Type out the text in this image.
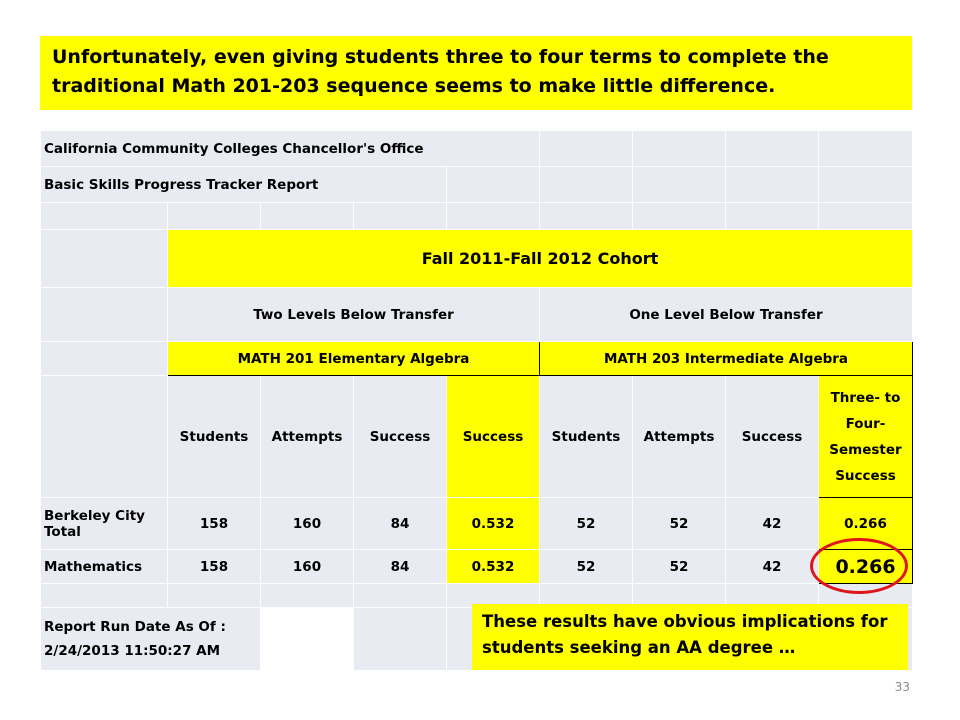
Unfortunately, even giving students three to four terms to complete the traditional Math 201-203 sequence seems to make little difference.
California Community Colleges Chancellor's Office								
Basic Skills Progress Tracker Report								

	Fall 2011-Fall 2012 Cohort							
	Two Levels Below Transfer				One Level Below Transfer			
	MATH 201 Elementary Algebra				MATH 203 Intermediate Algebra			
	Students	Attempts	Success	Success	Students	Attempts	Success	Three- to Four-Semester Success
Berkeley City Total	158	160	84	0.532	52	52	42	0.266
Mathematics	158	160	84	0.532	52	52	42	0.266

Report Run Date As Of : 2/24/2013 11:50:27 AM								
These results have obvious implications for students seeking an AA degree …
33
